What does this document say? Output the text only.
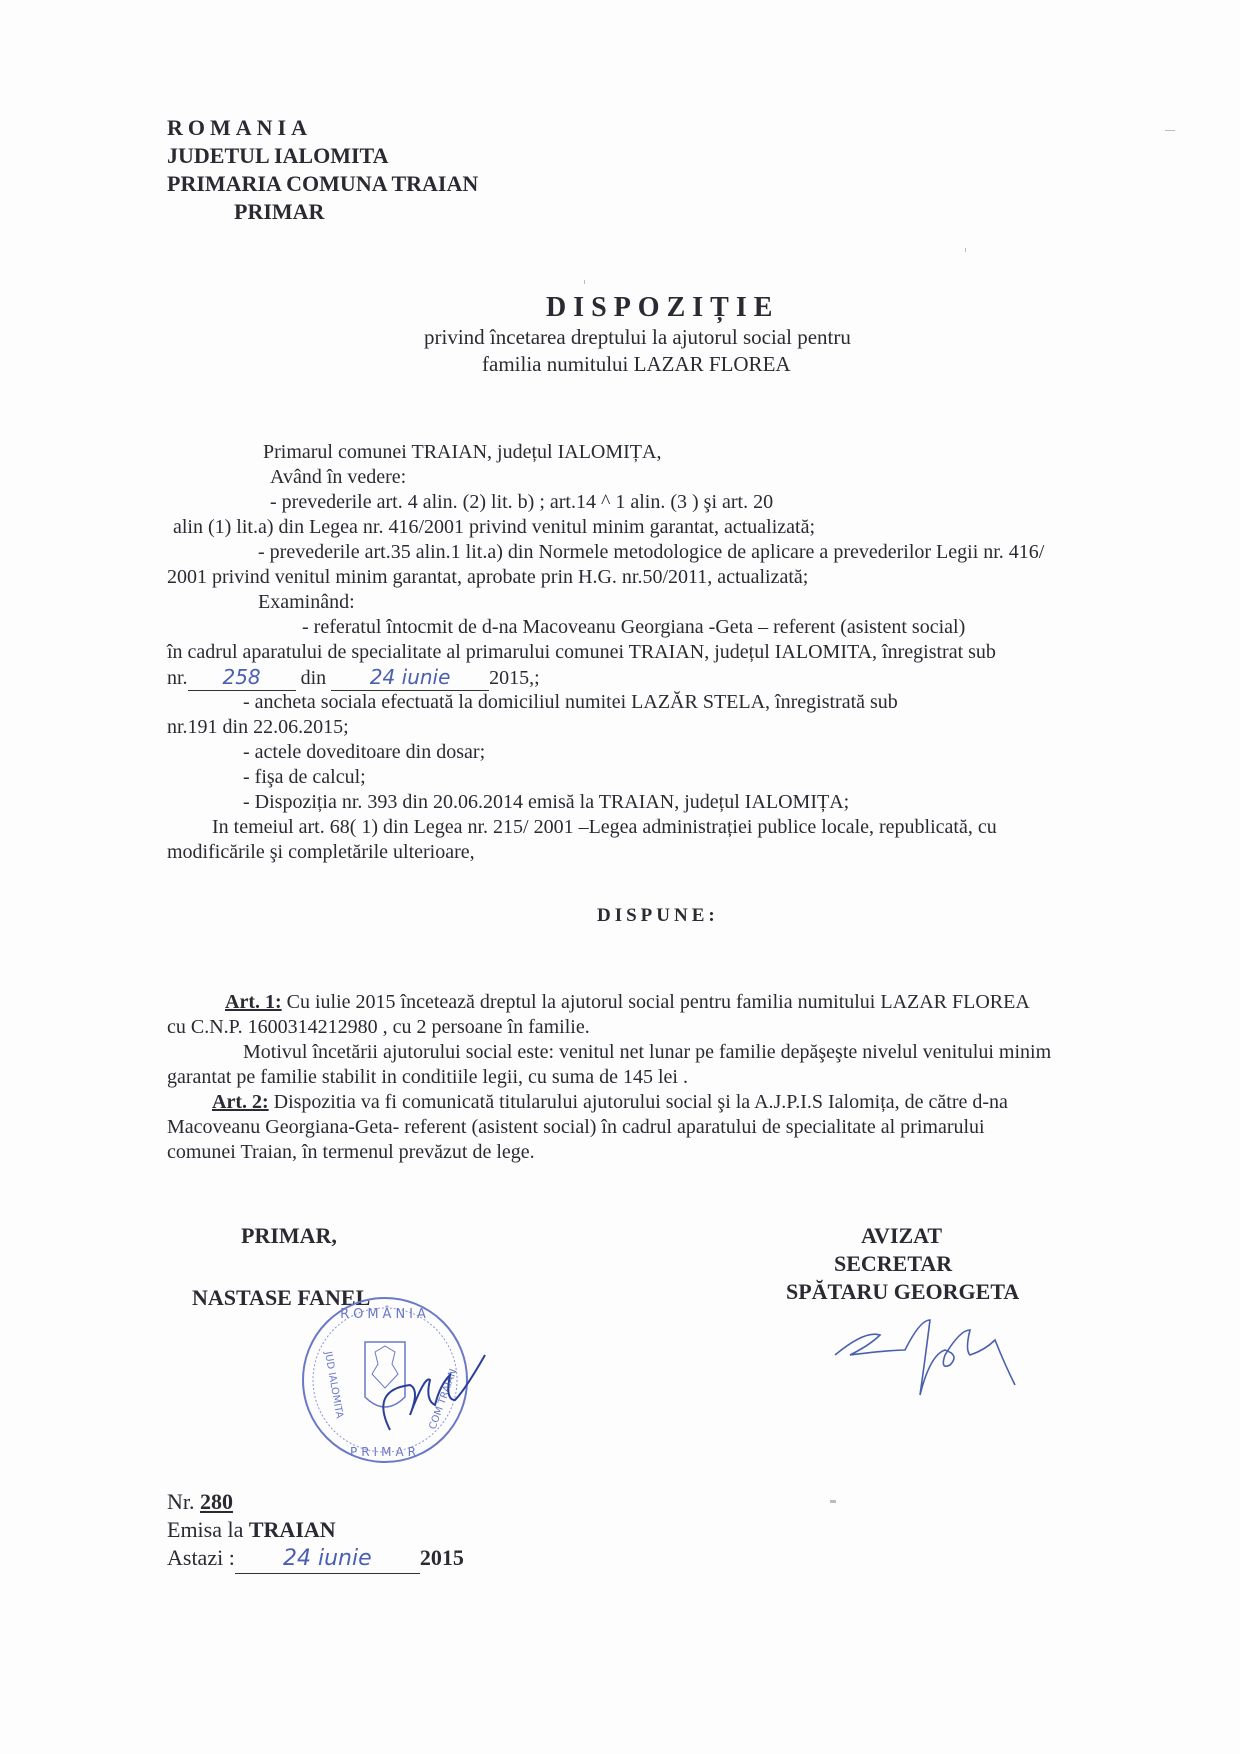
ROMANIA
JUDETUL IALOMITA
PRIMARIA COMUNA TRAIAN
PRIMAR
DISPOZIȚIE
privind încetarea dreptului la ajutorul social pentru
familia numitului LAZAR FLOREA
Primarul comunei TRAIAN, județul IALOMIȚA,
Având în vedere:
- prevederile art. 4 alin. (2) lit. b) ; art.14 ^ 1 alin. (3 ) şi art. 20
alin (1) lit.a) din Legea nr. 416/2001 privind venitul minim garantat, actualizată;
- prevederile art.35 alin.1 lit.a) din Normele metodologice de aplicare a prevederilor Legii nr. 416/
2001 privind venitul minim garantat, aprobate prin H.G. nr.50/2011, actualizată;
Examinând:
- referatul întocmit de d-na Macoveanu Georgiana -Geta – referent (asistent social)
în cadrul aparatului de specialitate al primarului comunei TRAIAN, județul IALOMITA, înregistrat sub
nr. 258 din 24 iunie 2015,;
- ancheta sociala efectuată la domiciliul numitei LAZĂR STELA, înregistrată sub
nr.191 din 22.06.2015;
- actele doveditoare din dosar;
- fişa de calcul;
- Dispoziția nr. 393 din 20.06.2014 emisă la TRAIAN, județul IALOMIȚA;
In temeiul art. 68( 1) din Legea nr. 215/ 2001 –Legea administrației publice locale, republicată, cu
modificările şi completările ulterioare,
DISPUNE:
Art. 1: Cu iulie 2015 încetează dreptul la ajutorul social pentru familia numitului LAZAR FLOREA
cu C.N.P. 1600314212980 , cu 2 persoane în familie.
Motivul încetării ajutorului social este: venitul net lunar pe familie depăşeşte nivelul venitului minim
garantat pe familie stabilit in conditiile legii, cu suma de 145 lei .
Art. 2: Dispozitia va fi comunicată titularului ajutorului social şi la A.J.P.I.S Ialomița, de către d-na
Macoveanu Georgiana-Geta- referent (asistent social) în cadrul aparatului de specialitate al primarului
comunei Traian, în termenul prevăzut de lege.
PRIMAR,
NASTASE FANEL
ROMÂNIA
PRIMAR
JUD IALOMITA	COM TRAIAN
AVIZAT
SECRETAR
SPĂTARU GEORGETA
Nr. 280
Emisa la TRAIAN
Astazi : 24 iunie 2015
